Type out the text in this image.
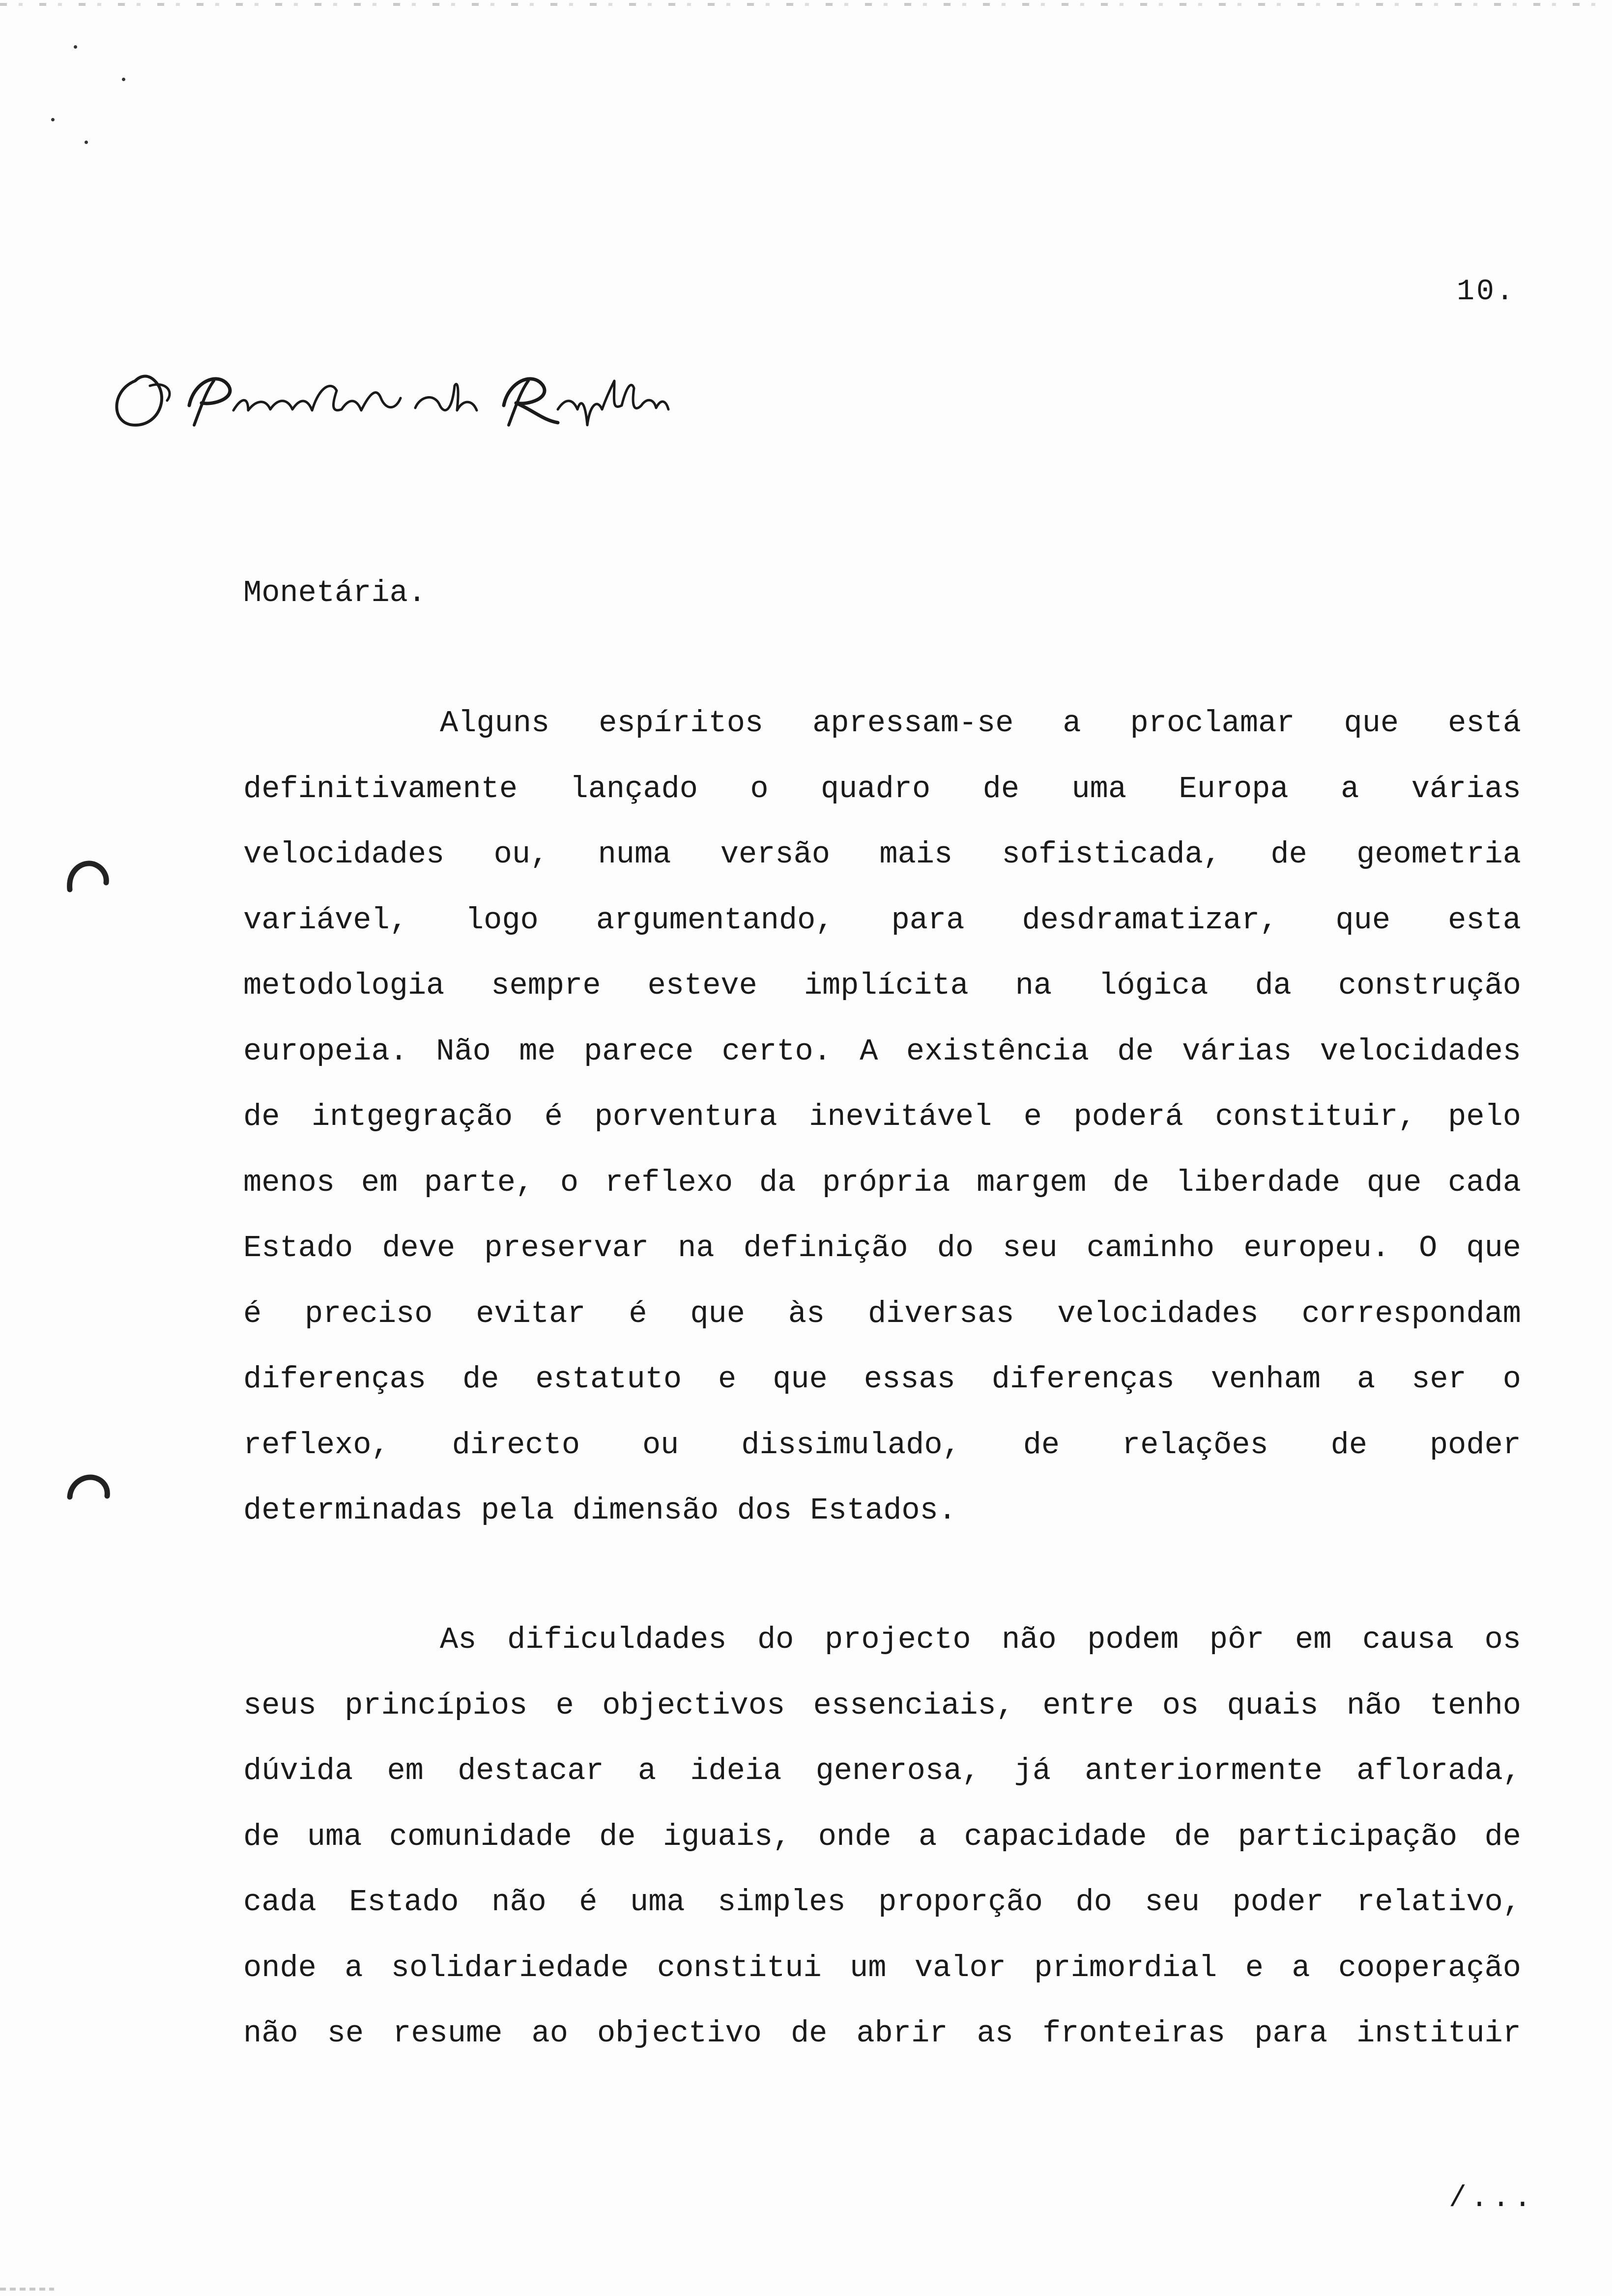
10.
Monetária.
Alguns espíritos apressam-se a proclamar que está
definitivamente lançado o quadro de uma Europa a várias
velocidades ou, numa versão mais sofisticada, de geometria
variável, logo argumentando, para desdramatizar, que esta
metodologia sempre esteve implícita na lógica da construção
europeia. Não me parece certo. A existência de várias velocidades
de intgegração é porventura inevitável e poderá constituir, pelo
menos em parte, o reflexo da própria margem de liberdade que cada
Estado deve preservar na definição do seu caminho europeu. O que
é preciso evitar é que às diversas velocidades correspondam
diferenças de estatuto e que essas diferenças venham a ser o
reflexo, directo ou dissimulado, de relações de poder
determinadas pela dimensão dos Estados.
As dificuldades do projecto não podem pôr em causa os
seus princípios e objectivos essenciais, entre os quais não tenho
dúvida em destacar a ideia generosa, já anteriormente aflorada,
de uma comunidade de iguais, onde a capacidade de participação de
cada Estado não é uma simples proporção do seu poder relativo,
onde a solidariedade constitui um valor primordial e a cooperação
não se resume ao objectivo de abrir as fronteiras para instituir
/...
